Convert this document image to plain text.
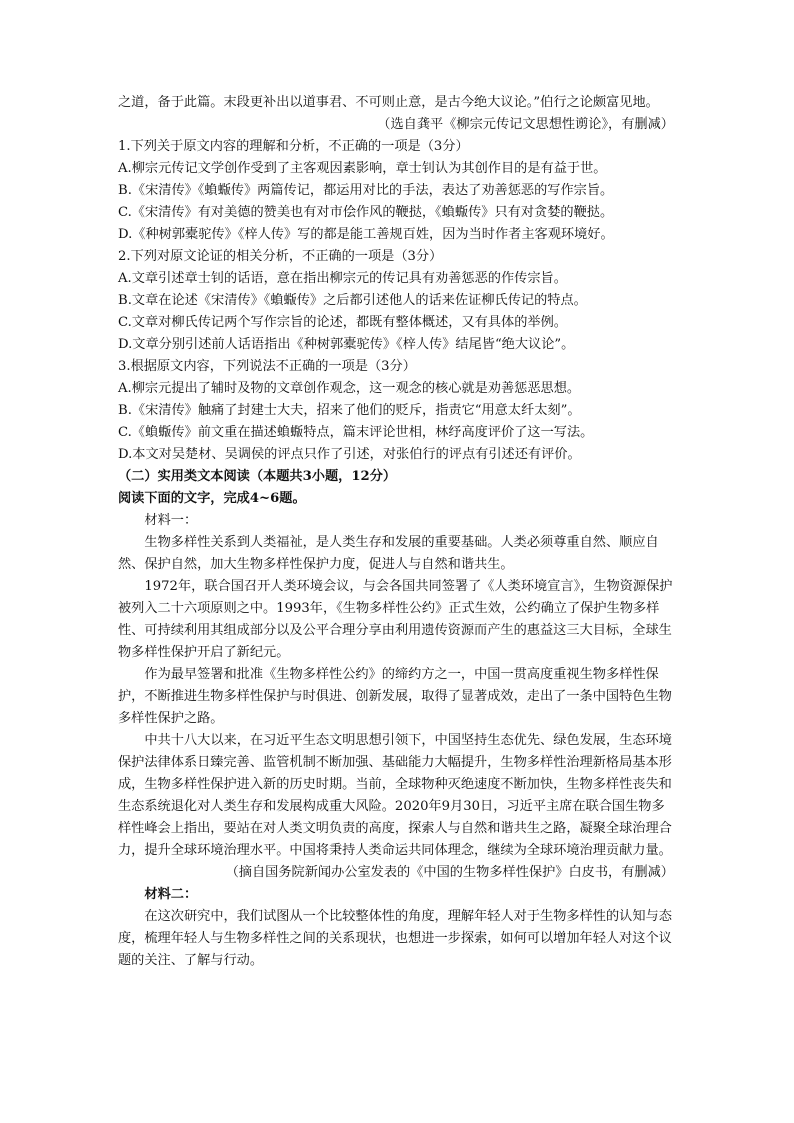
之道，备于此篇。末段更补出以道事君、不可则止意，是古今绝大议论。”伯行之论颇富见地。

（选自龚平《柳宗元传记文思想性谫论》，有删减）

1.下列关于原文内容的理解和分析，不正确的一项是（3分）

A.柳宗元传记文学创作受到了主客观因素影响，章士钊认为其创作目的是有益于世。

B.《宋清传》《蝜蝂传》两篇传记，都运用对比的手法，表达了劝善惩恶的写作宗旨。

C.《宋清传》有对美德的赞美也有对市侩作风的鞭挞，《蝜蝂传》只有对贪婪的鞭挞。

D.《种树郭橐驼传》《梓人传》写的都是能工善规百姓，因为当时作者主客观环境好。

2.下列对原文论证的相关分析，不正确的一项是（3分）

A.文章引述章士钊的话语，意在指出柳宗元的传记具有劝善惩恶的作传宗旨。

B.文章在论述《宋清传》《蝜蝂传》之后都引述他人的话来佐证柳氏传记的特点。

C.文章对柳氏传记两个写作宗旨的论述，都既有整体概述，又有具体的举例。

D.文章分别引述前人话语指出《种树郭橐驼传》《梓人传》结尾皆“绝大议论”。

3.根据原文内容，下列说法不正确的一项是（3分）

A.柳宗元提出了辅时及物的文章创作观念，这一观念的核心就是劝善惩恶思想。

B.《宋清传》触痛了封建士大夫，招来了他们的贬斥，指责它“用意太纤太刻”。

C.《蝜蝂传》前文重在描述蝜蝂特点，篇末评论世相，林纾高度评价了这一写法。

D.本文对吴楚材、吴调侯的评点只作了引述，对张伯行的评点有引述还有评价。

（二）实用类文本阅读（本题共3小题，12分）

阅读下面的文字，完成4~6题。

材料一：

生物多样性关系到人类福祉，是人类生存和发展的重要基础。人类必须尊重自然、顺应自然、保护自然，加大生物多样性保护力度，促进人与自然和谐共生。

1972年，联合国召开人类环境会议，与会各国共同签署了《人类环境宣言》，生物资源保护被列入二十六项原则之中。1993年，《生物多样性公约》正式生效，公约确立了保护生物多样性、可持续利用其组成部分以及公平合理分享由利用遗传资源而产生的惠益这三大目标，全球生物多样性保护开启了新纪元。

作为最早签署和批准《生物多样性公约》的缔约方之一，中国一贯高度重视生物多样性保护，不断推进生物多样性保护与时俱进、创新发展，取得了显著成效，走出了一条中国特色生物多样性保护之路。

中共十八大以来，在习近平生态文明思想引领下，中国坚持生态优先、绿色发展，生态环境保护法律体系日臻完善、监管机制不断加强、基础能力大幅提升，生物多样性治理新格局基本形成，生物多样性保护进入新的历史时期。当前，全球物种灭绝速度不断加快，生物多样性丧失和生态系统退化对人类生存和发展构成重大风险。2020年9月30日，习近平主席在联合国生物多样性峰会上指出，要站在对人类文明负责的高度，探索人与自然和谐共生之路，凝聚全球治理合力，提升全球环境治理水平。中国将秉持人类命运共同体理念，继续为全球环境治理贡献力量。

（摘自国务院新闻办公室发表的《中国的生物多样性保护》白皮书，有删减）

材料二：

在这次研究中，我们试图从一个比较整体性的角度，理解年轻人对于生物多样性的认知与态度，梳理年轻人与生物多样性之间的关系现状，也想进一步探索，如何可以增加年轻人对这个议题的关注、了解与行动。
